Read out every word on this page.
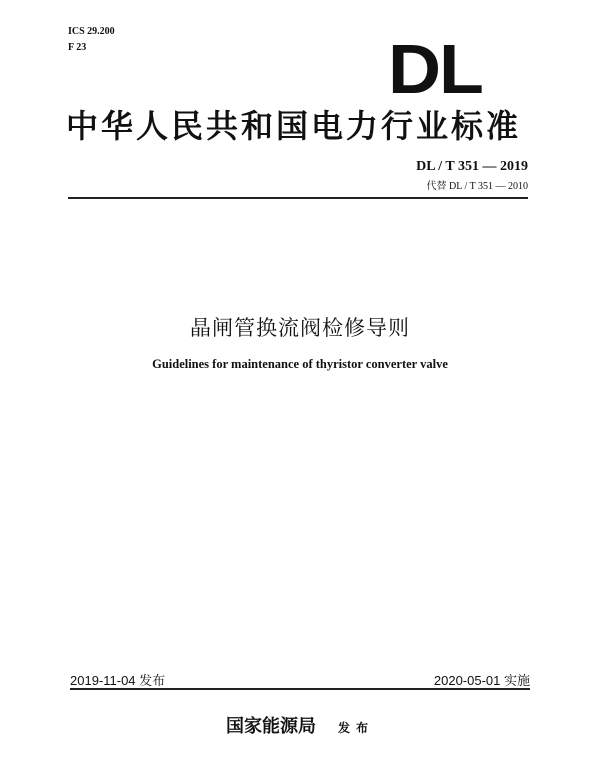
ICS 29.200
F 23	DL
中华人民共和国电力行业标准
DL / T 351 — 2019
代替 DL / T 351 — 2010
晶闸管换流阀检修导则
Guidelines for maintenance of thyristor converter valve
2019-11-04 发布	2020-05-01 实施
国家能源局 发布
